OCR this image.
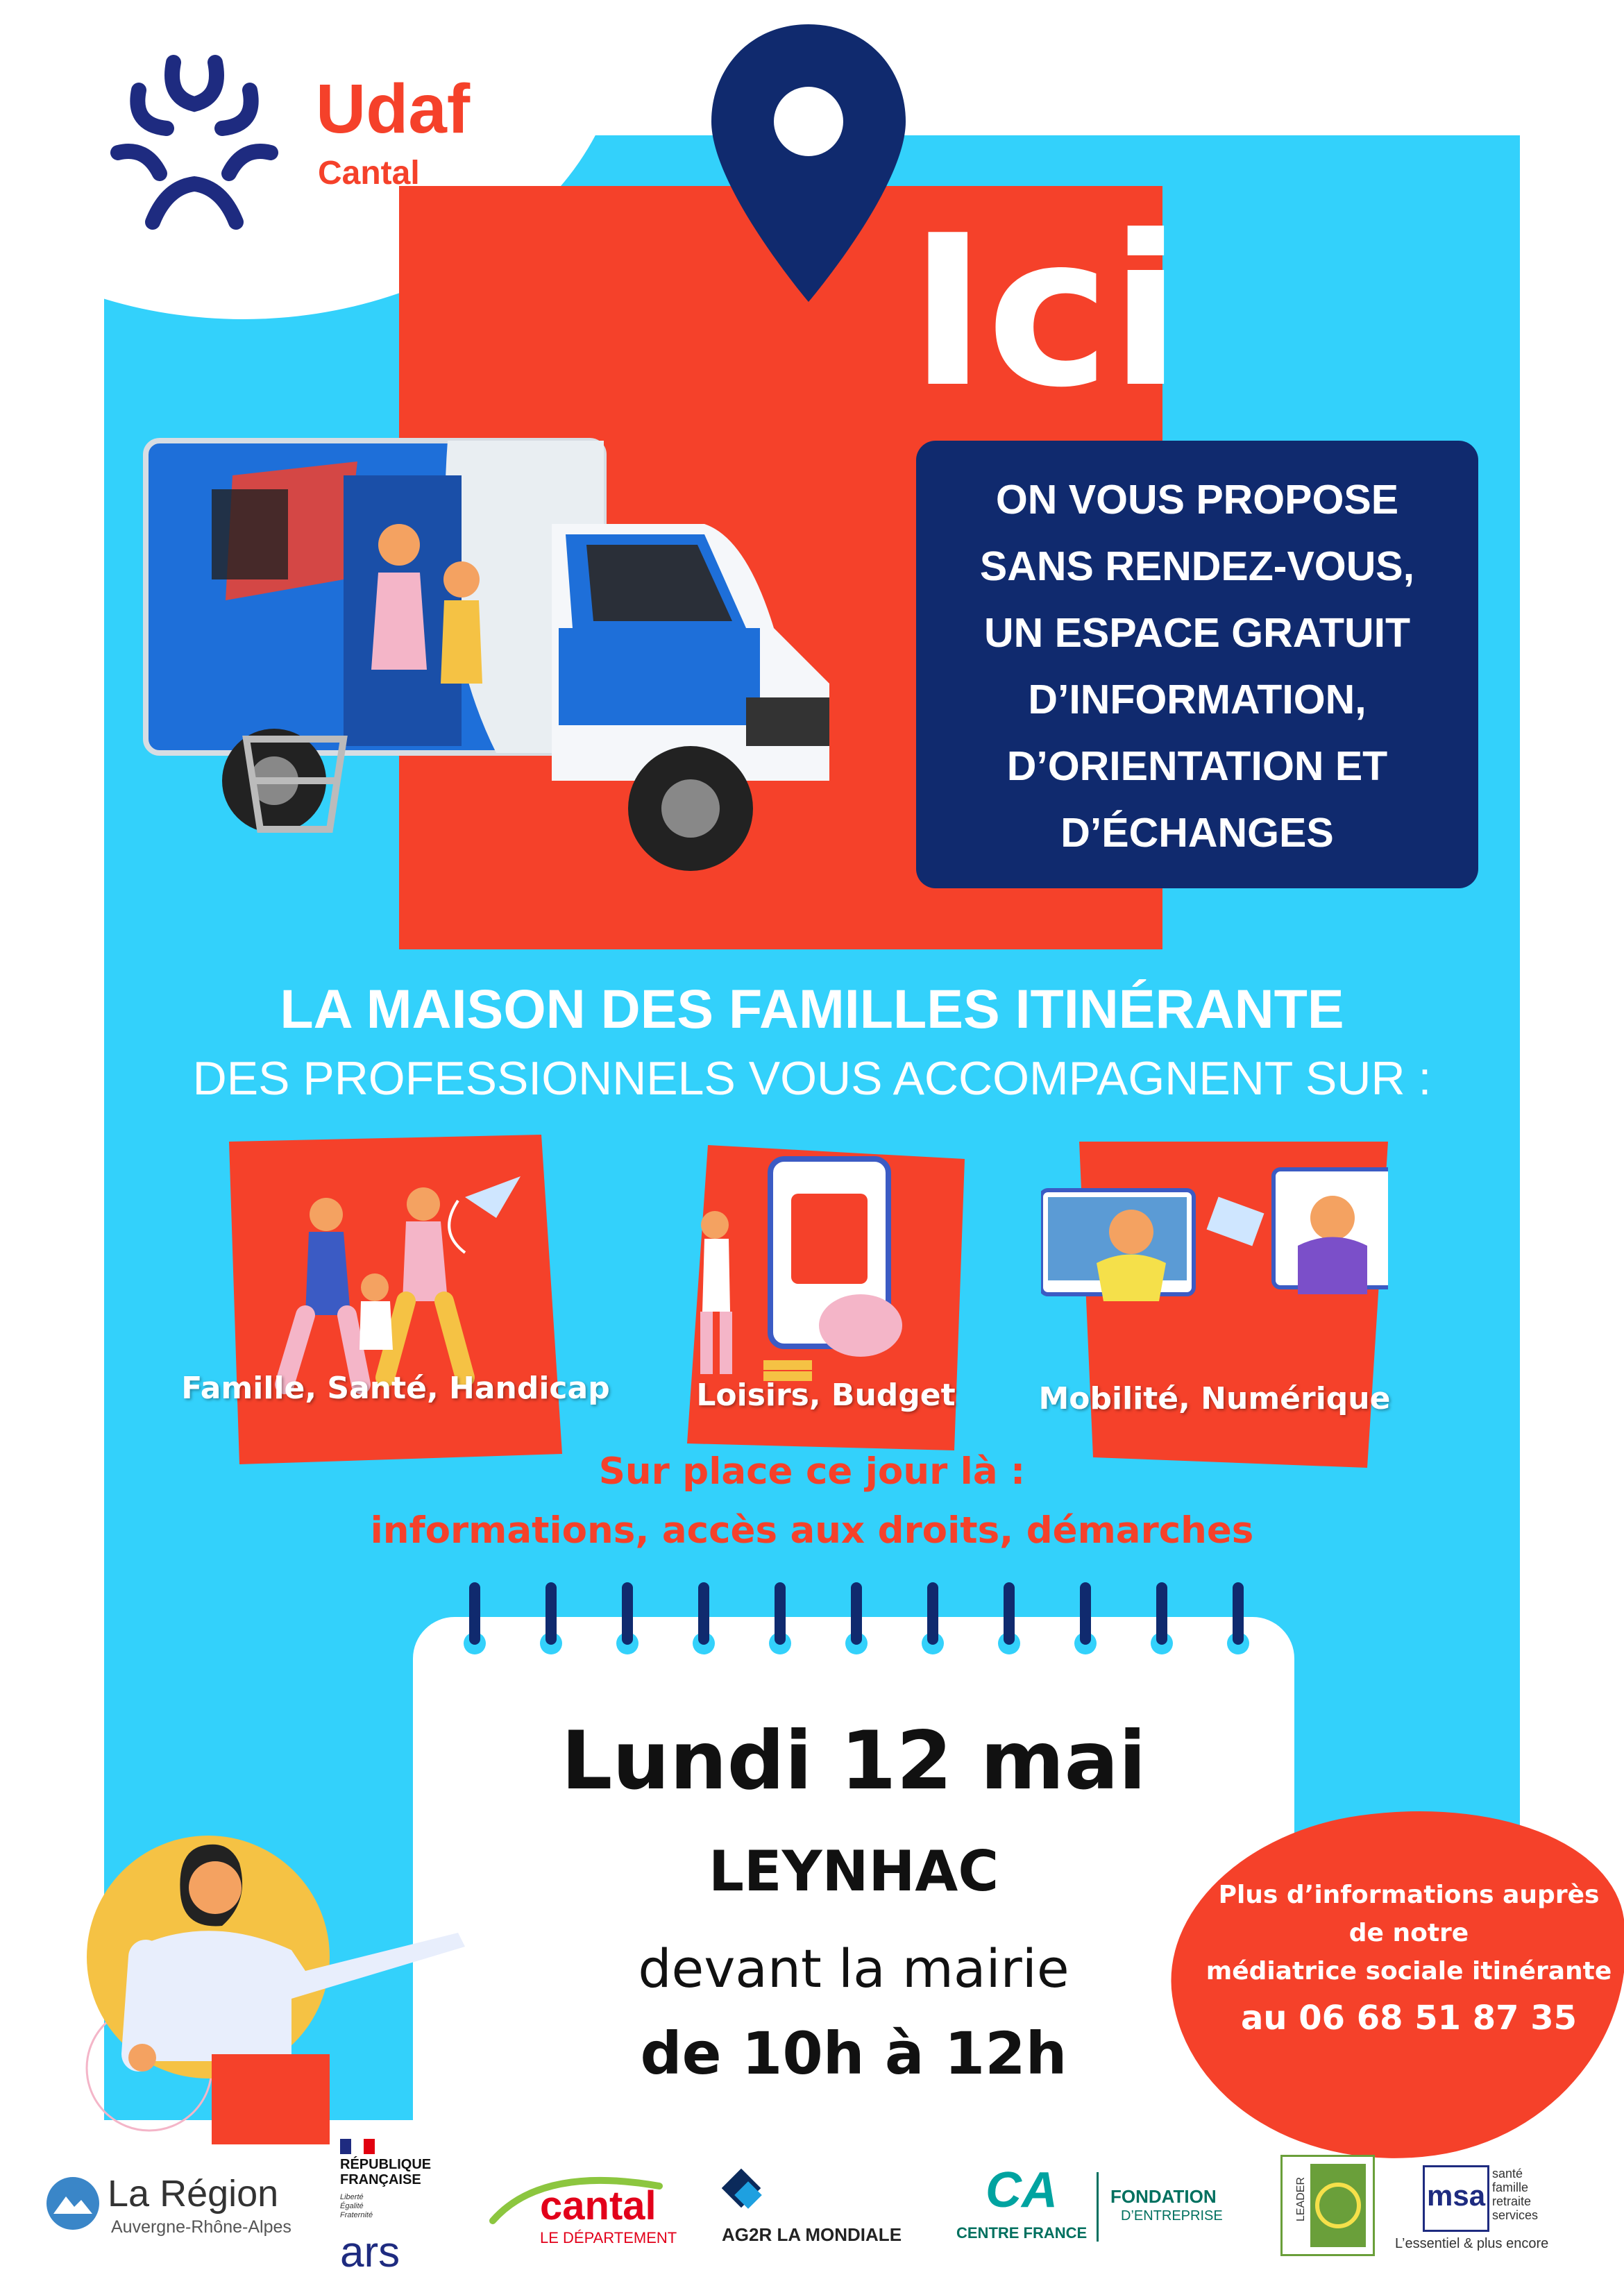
Udaf
Cantal
Ici
ON VOUS PROPOSE
SANS RENDEZ-VOUS,
UN ESPACE GRATUIT
D’INFORMATION,
D’ORIENTATION ET
D’ÉCHANGES
LA MAISON DES FAMILLES ITINÉRANTE
DES PROFESSIONNELS VOUS ACCOMPAGNENT SUR :
Famille, Santé, Handicap	Loisirs, Budget	Mobilité, Numérique
Sur place ce jour là :
informations, accès aux droits, démarches
Lundi 12 mai
LEYNHAC
devant la mairie
de 10h à 12h
Plus d’informations auprès
de notre
médiatrice sociale itinérante
au 06 68 51 87 35
La Région
Auvergne-Rhône-Alpes
RÉPUBLIQUE FRANÇAISE
Liberté
Égalité
Fraternité
ars
cantal
LE DÉPARTEMENT AG2R LA MONDIALE
CA
CENTRE FRANCE
FONDATION
D’ENTREPRISE	LEADER	msa
santé
famille
retraite
services
L’essentiel & plus encore
